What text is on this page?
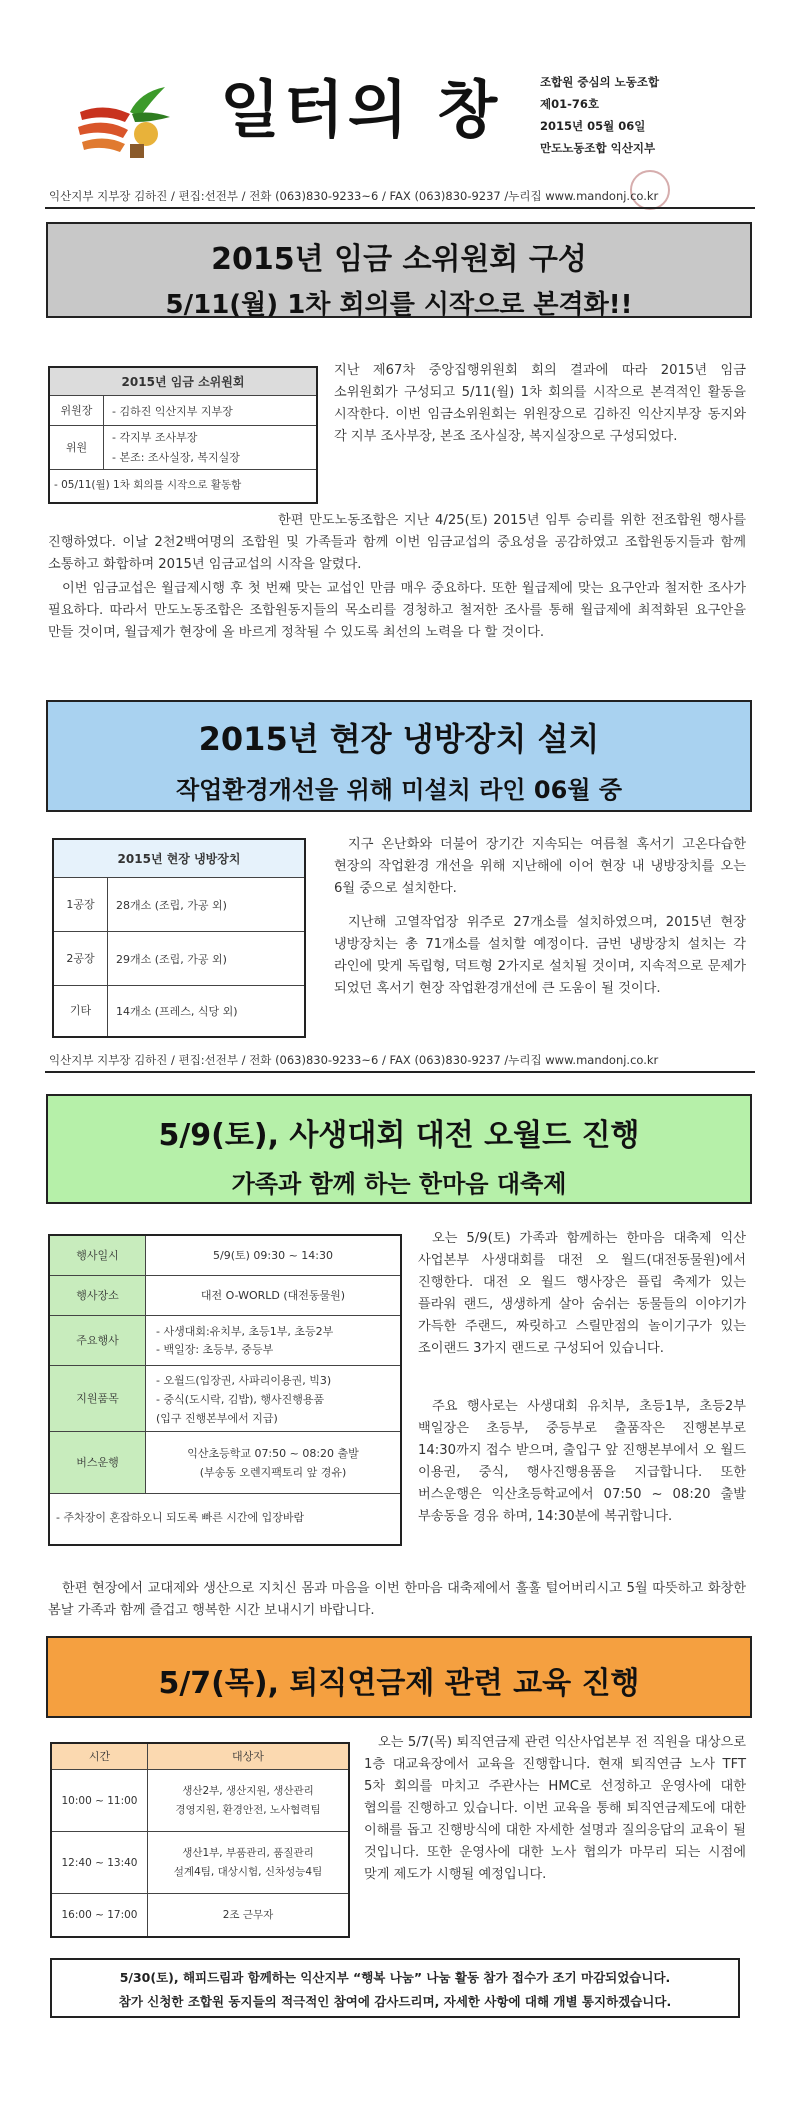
일터의 창	조합원 중심의 노동조합
제01-76호
2015년 05월 06일
만도노동조합 익산지부
익산지부 지부장 김하진 / 편집:선전부 / 전화 (063)830-9233~6 / FAX (063)830-9237 /누리집 www.mandonj.co.kr
2015년 임금 소위원회 구성
5/11(월) 1차 회의를 시작으로 본격화!!
2015년 임금 소위원회
위원장	- 김하진 익산지부 지부장
위원
- 각지부 조사부장
- 본조: 조사실장, 복지실장
- 05/11(월) 1차 회의를 시작으로 활동함
지난 제67차 중앙집행위원회 회의 결과에 따라 2015년 임금 소위원회가 구성되고 5/11(월) 1차 회의를 시작으로 본격적인 활동을 시작한다. 이번 임금소위원회는 위원장으로 김하진 익산지부장 동지와 각 지부 조사부장, 본조 조사실장, 복지실장으로 구성되었다.
한편 만도노동조합은 지난 4/25(토) 2015년 임투 승리를 위한 전조합원 행사를 진행하였다. 이날 2천2백여명의 조합원 및 가족들과 함께 이번 임금교섭의 중요성을 공감하였고 조합원동지들과 함께 소통하고 화합하며 2015년 임금교섭의 시작을 알렸다.
이번 임금교섭은 월급제시행 후 첫 번째 맞는 교섭인 만큼 매우 중요하다. 또한 월급제에 맞는 요구안과 철저한 조사가 필요하다. 따라서 만도노동조합은 조합원동지들의 목소리를 경청하고 철저한 조사를 통해 월급제에 최적화된 요구안을 만들 것이며, 월급제가 현장에 올 바르게 정착될 수 있도록 최선의 노력을 다 할 것이다.
2015년 현장 냉방장치 설치
작업환경개선을 위해 미설치 라인 06월 중
2015년 현장 냉방장치
1공장	28개소 (조립, 가공 외)
2공장	29개소 (조립, 가공 외)
기타	14개소 (프레스, 식당 외)
지구 온난화와 더불어 장기간 지속되는 여름철 혹서기 고온다습한 현장의 작업환경 개선을 위해 지난해에 이어 현장 내 냉방장치를 오는 6월 중으로 설치한다.
지난해 고열작업장 위주로 27개소를 설치하였으며, 2015년 현장 냉방장치는 총 71개소를 설치할 예정이다. 금번 냉방장치 설치는 각 라인에 맞게 독립형, 덕트형 2가지로 설치될 것이며, 지속적으로 문제가 되었던 혹서기 현장 작업환경개선에 큰 도움이 될 것이다.
익산지부 지부장 김하진 / 편집:선전부 / 전화 (063)830-9233~6 / FAX (063)830-9237 /누리집 www.mandonj.co.kr
5/9(토), 사생대회 대전 오월드 진행
가족과 함께 하는 한마음 대축제
행사일시	5/9(토) 09:30 ~ 14:30
행사장소	대전 O-WORLD (대전동물원)
주요행사
- 사생대회:유치부, 초등1부, 초등2부
- 백일장: 초등부, 중등부
지원품목
- 오월드(입장권, 사파리이용권, 빅3)
- 중식(도시락, 김밥), 행사진행용품
(입구 진행본부에서 지급)
버스운행
익산초등학교 07:50 ~ 08:20 출발
(부송동 오렌지팩토리 앞 경유)
- 주차장이 혼잡하오니 되도록 빠른 시간에 입장바람
오는 5/9(토) 가족과 함께하는 한마음 대축제 익산 사업본부 사생대회를 대전 오 월드(대전동물원)에서 진행한다. 대전 오 월드 행사장은 플립 축제가 있는 플라워 랜드, 생생하게 살아 숨쉬는 동물들의 이야기가 가득한 주랜드, 짜릿하고 스릴만점의 놀이기구가 있는 조이랜드 3가지 랜드로 구성되어 있습니다.
주요 행사로는 사생대회 유치부, 초등1부, 초등2부 백일장은 초등부, 중등부로 출품작은 진행본부로 14:30까지 접수 받으며, 출입구 앞 진행본부에서 오 월드 이용권, 중식, 행사진행용품을 지급합니다. 또한 버스운행은 익산초등학교에서 07:50 ~ 08:20 출발 부송동을 경유 하며, 14:30분에 복귀합니다.
한편 현장에서 교대제와 생산으로 지치신 몸과 마음을 이번 한마음 대축제에서 훌훌 털어버리시고 5월 따뜻하고 화창한 봄날 가족과 함께 즐겁고 행복한 시간 보내시기 바랍니다.
5/7(목), 퇴직연금제 관련 교육 진행
시간	대상자
10:00 ~ 11:00
생산2부, 생산지원, 생산관리
경영지원, 환경안전, 노사협력팀
12:40 ~ 13:40
생산1부, 부품관리, 품질관리
설계4팀, 대상시험, 신차성능4팀
16:00 ~ 17:00	2조 근무자
오는 5/7(목) 퇴직연금제 관련 익산사업본부 전 직원을 대상으로 1층 대교육장에서 교육을 진행합니다. 현재 퇴직연금 노사 TFT 5차 회의를 마치고 주관사는 HMC로 선정하고 운영사에 대한 협의를 진행하고 있습니다. 이번 교육을 통해 퇴직연금제도에 대한 이해를 돕고 진행방식에 대한 자세한 설명과 질의응답의 교육이 될 것입니다. 또한 운영사에 대한 노사 협의가 마무리 되는 시점에 맞게 제도가 시행될 예정입니다.
5/30(토), 해피드림과 함께하는 익산지부 “행복 나눔” 나눔 활동 참가 접수가 조기 마감되었습니다.
참가 신청한 조합원 동지들의 적극적인 참여에 감사드리며, 자세한 사항에 대해 개별 통지하겠습니다.
